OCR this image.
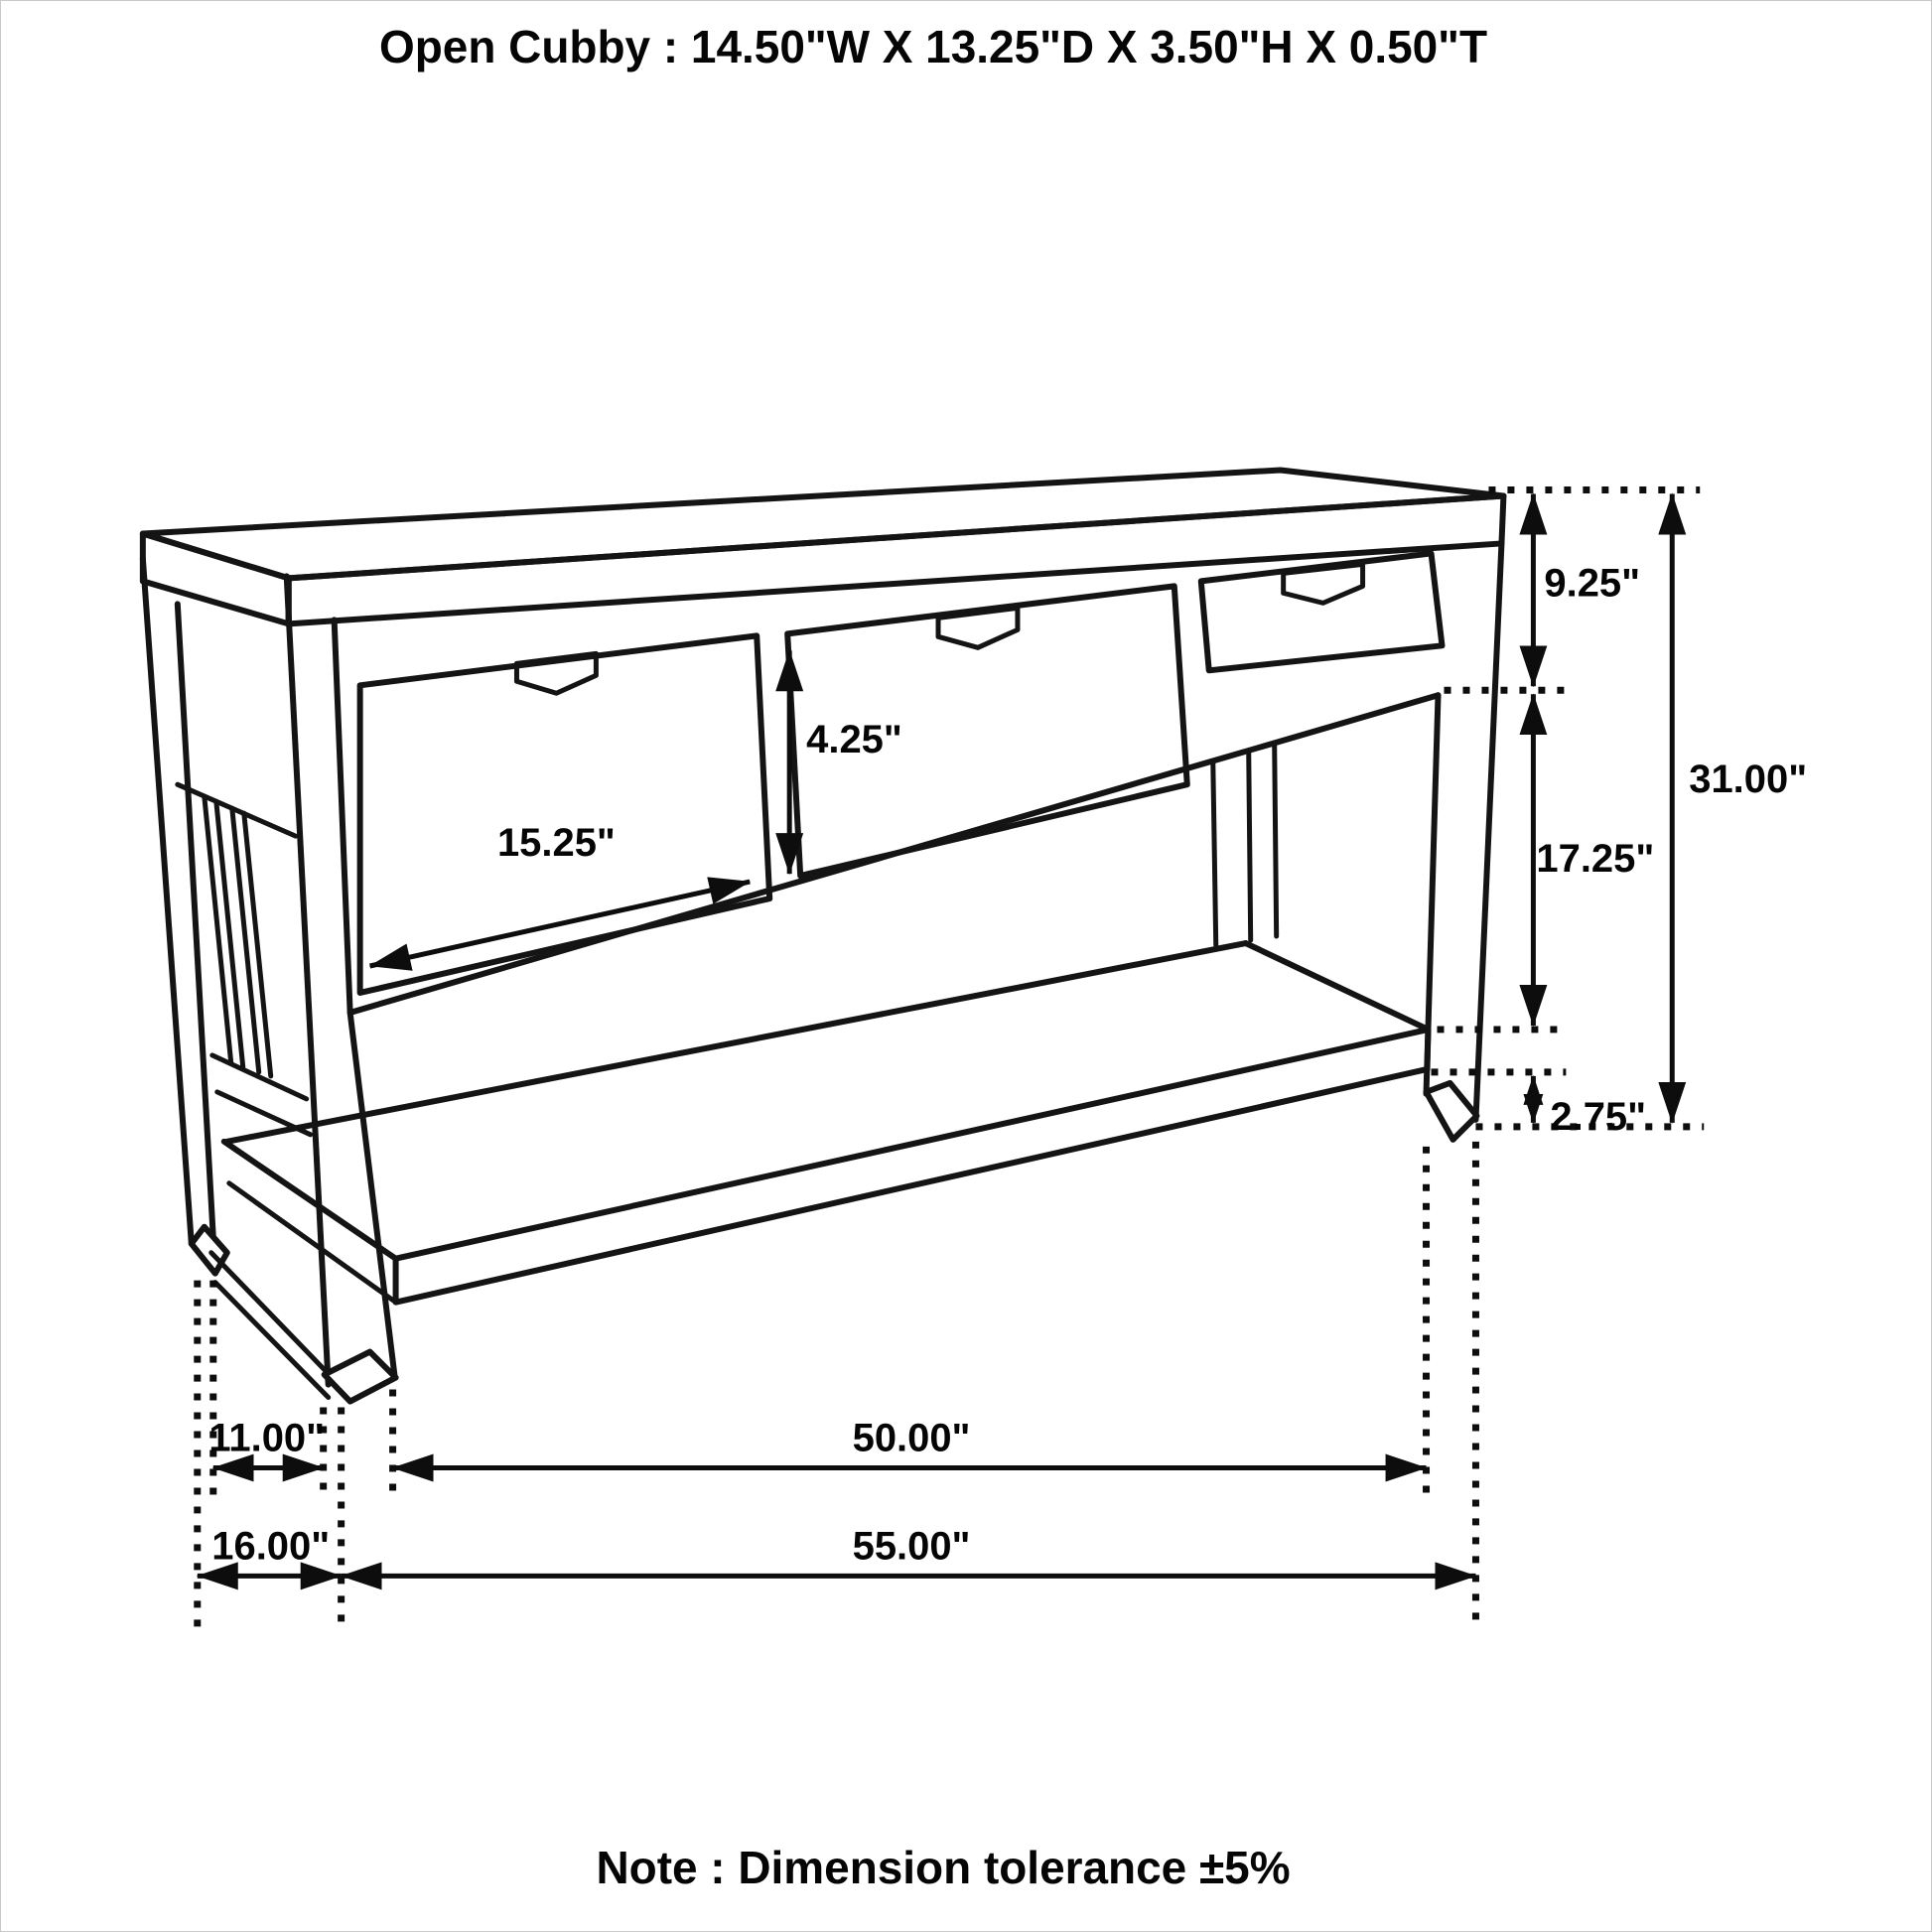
Open Cubby : 14.50"W X 13.25"D X 3.50"H X 0.50"T
Note : Dimension tolerance ±5%
9.25"
17.25"
2.75"
31.00"
15.25"
4.25"
11.00"	50.00"
16.00"	55.00"
